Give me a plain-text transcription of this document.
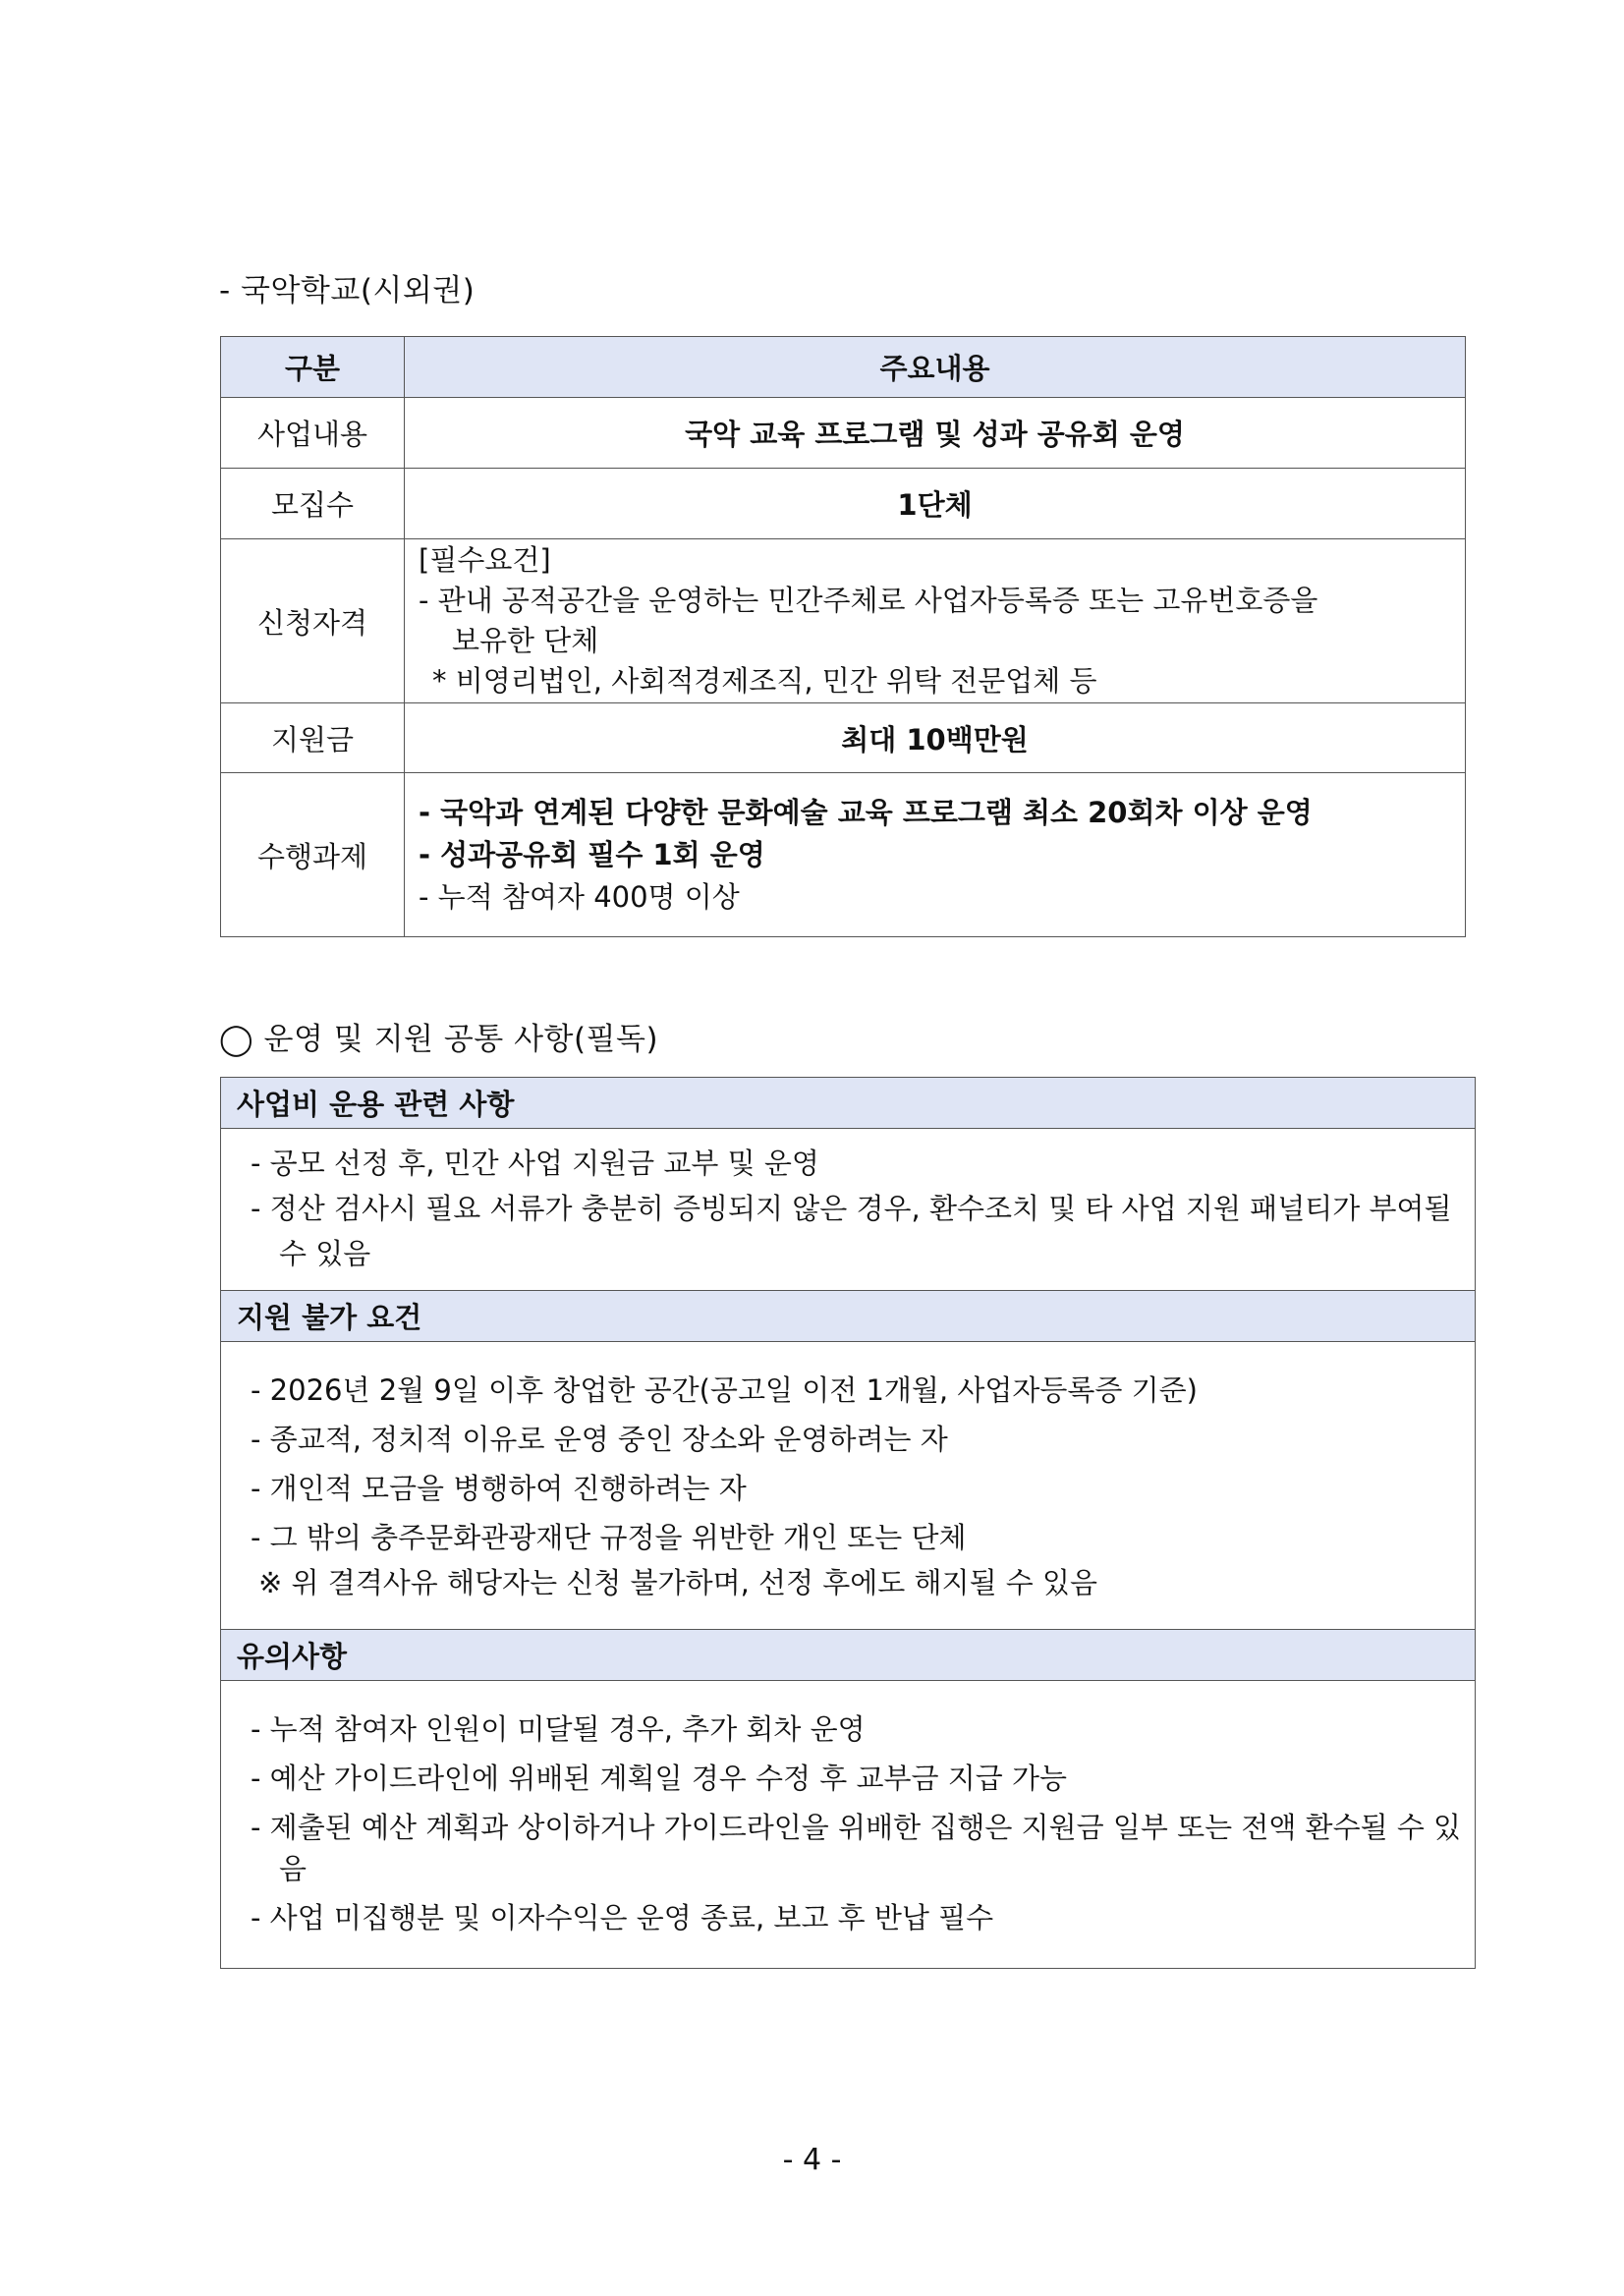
- 국악학교(시외권)
구분	주요내용
사업내용	국악 교육 프로그램 및 성과 공유회 운영
모집수	1단체
신청자격	[필수요건]
- 관내 공적공간을 운영하는 민간주체로 사업자등록증 또는 고유번호증을
보유한 단체
* 비영리법인, 사회적경제조직, 민간 위탁 전문업체 등

지원금	최대 10백만원
수행과제	- 국악과 연계된 다양한 문화예술 교육 프로그램 최소 20회차 이상 운영
- 성과공유회 필수 1회 운영
- 누적 참여자 400명 이상
◯ 운영 및 지원 공통 사항(필독)
사업비 운용 관련 사항

- 공모 선정 후, 민간 사업 지원금 교부 및 운영
- 정산 검사시 필요 서류가 충분히 증빙되지 않은 경우, 환수조치 및 타 사업 지원 패널티가 부여될 수 있음

지원 불가 요건

- 2026년 2월 9일 이후 창업한 공간(공고일 이전 1개월, 사업자등록증 기준)
- 종교적, 정치적 이유로 운영 중인 장소와 운영하려는 자
- 개인적 모금을 병행하여 진행하려는 자
- 그 밖의 충주문화관광재단 규정을 위반한 개인 또는 단체
※ 위 결격사유 해당자는 신청 불가하며, 선정 후에도 해지될 수 있음

유의사항

- 누적 참여자 인원이 미달될 경우, 추가 회차 운영
- 예산 가이드라인에 위배된 계획일 경우 수정 후 교부금 지급 가능
- 제출된 예산 계획과 상이하거나 가이드라인을 위배한 집행은 지원금 일부 또는 전액 환수될 수 있음
- 사업 미집행분 및 이자수익은 운영 종료, 보고 후 반납 필수
- 4 -
